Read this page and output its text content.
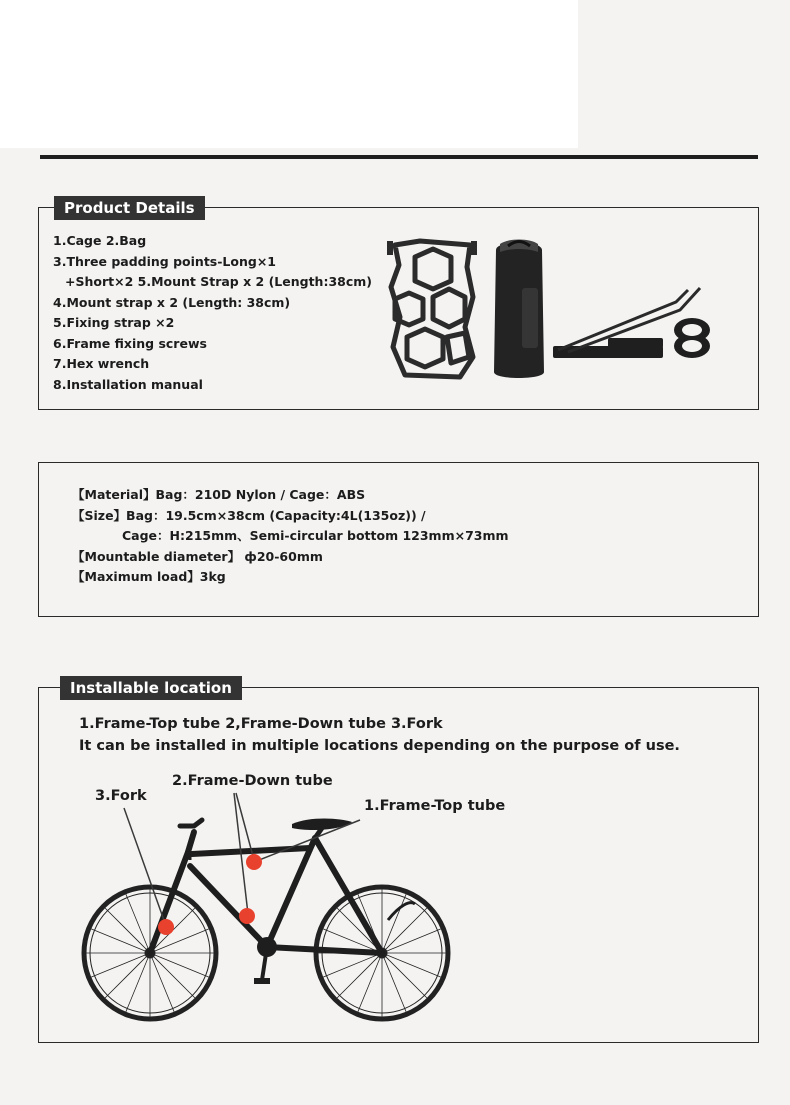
Product Details
1.Cage 2.Bag
3.Three padding points-Long×1
+Short×2 5.Mount Strap x 2 (Length:38cm)
4.Mount strap x 2 (Length: 38cm)
5.Fixing strap ×2
6.Frame fixing screws
7.Hex wrench
8.Installation manual
【Material】Bag：210D Nylon / Cage：ABS
【Size】Bag：19.5cm×38cm (Capacity:4L(135oz)) /
Cage：H:215mm、Semi-circular bottom 123mm×73mm
【Mountable diameter】 ф20-60mm
【Maximum load】3kg
Installable location
1.Frame-Top tube 2,Frame-Down tube 3.Fork
It can be installed in multiple locations depending on the purpose of use.
3.Fork
2.Frame-Down tube
1.Frame-Top tube
